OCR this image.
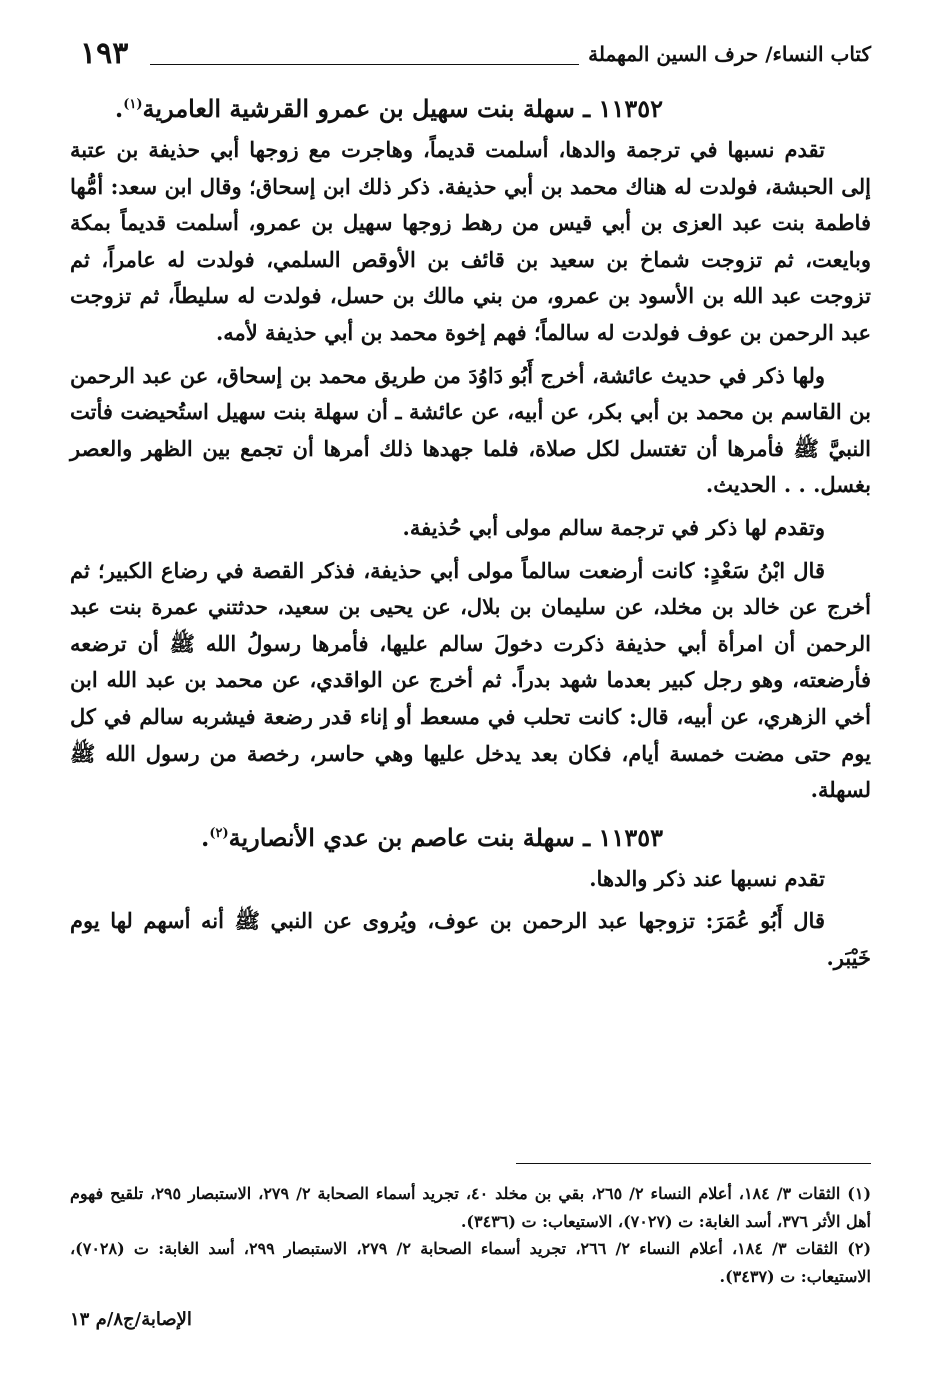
١٩٣	كتاب النساء/ حرف السين المهملة

١١٣٥٢ ـ سهلة بنت سهيل بن عمرو القرشية العامرية$^{(١)}$.

تقدم نسبها في ترجمة والدها، أسلمت قديماً، وهاجرت مع زوجها أبي حذيفة بن عتبة إلى الحبشة، فولدت له هناك محمد بن أبي حذيفة. ذكر ذلك ابن إسحاق؛ وقال ابن سعد: أمُّها فاطمة بنت عبد العزى بن أبي قيس من رهط زوجها سهيل بن عمرو، أسلمت قديماً بمكة وبايعت، ثم تزوجت شماخ بن سعيد بن قائف بن الأوقص السلمي، فولدت له عامراً، ثم تزوجت عبد الله بن الأسود بن عمرو، من بني مالك بن حسل، فولدت له سليطاً، ثم تزوجت عبد الرحمن بن عوف فولدت له سالماً؛ فهم إخوة محمد بن أبي حذيفة لأمه.

ولها ذكر في حديث عائشة، أخرج أَبُو دَاوُدَ من طريق محمد بن إسحاق، عن عبد الرحمن بن القاسم بن محمد بن أبي بكر، عن أبيه، عن عائشة ـ أن سهلة بنت سهيل استُحيضت فأتت النبيَّ ﷺ فأمرها أن تغتسل لكل صلاة، فلما جهدها ذلك أمرها أن تجمع بين الظهر والعصر بغسل. . . الحديث.

وتقدم لها ذكر في ترجمة سالم مولى أبي حُذيفة.

قال ابْنُ سَعْدٍ: كانت أرضعت سالماً مولى أبي حذيفة، فذكر القصة في رضاع الكبير؛ ثم أخرج عن خالد بن مخلد، عن سليمان بن بلال، عن يحيى بن سعيد، حدثتني عمرة بنت عبد الرحمن أن امرأة أبي حذيفة ذكرت دخولَ سالم عليها، فأمرها رسولُ الله ﷺ أن ترضعه فأرضعته، وهو رجل كبير بعدما شهد بدراً. ثم أخرج عن الواقدي، عن محمد بن عبد الله ابن أخي الزهري، عن أبيه، قال: كانت تحلب في مسعط أو إناء قدر رضعة فيشربه سالم في كل يوم حتى مضت خمسة أيام، فكان بعد يدخل عليها وهي حاسر، رخصة من رسول الله ﷺ لسهلة.

١١٣٥٣ ـ سهلة بنت عاصم بن عدي الأنصارية$^{(٢)}$.

تقدم نسبها عند ذكر والدها.

قال أَبُو عُمَرَ: تزوجها عبد الرحمن بن عوف، ويُروى عن النبي ﷺ أنه أسهم لها يوم خَيْبَر.

(١) الثقات ٣/ ١٨٤، أعلام النساء ٢/ ٢٦٥، بقي بن مخلد ٤٠، تجريد أسماء الصحابة ٢/ ٢٧٩، الاستبصار ٢٩٥، تلقيح فهوم أهل الأثر ٣٧٦، أسد الغابة: ت (٧٠٢٧)، الاستيعاب: ت (٣٤٣٦).

(٢) الثقات ٣/ ١٨٤، أعلام النساء ٢/ ٢٦٦، تجريد أسماء الصحابة ٢/ ٢٧٩، الاستبصار ٢٩٩، أسد الغابة: ت (٧٠٢٨)، الاستيعاب: ت (٣٤٣٧).

الإصابة/ج٨/م ١٣
